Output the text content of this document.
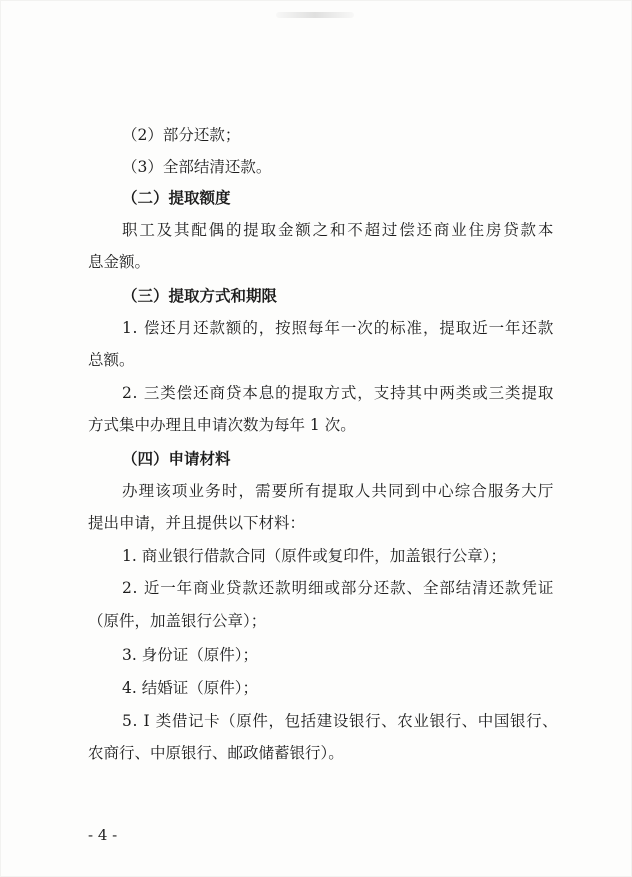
（2）部分还款；
（3）全部结清还款。
（二）提取额度
职工及其配偶的提取金额之和不超过偿还商业住房贷款本
息金额。
（三）提取方式和期限
1. 偿还月还款额的，按照每年一次的标准，提取近一年还款
总额。
2. 三类偿还商贷本息的提取方式，支持其中两类或三类提取
方式集中办理且申请次数为每年 1 次。
（四）申请材料
办理该项业务时，需要所有提取人共同到中心综合服务大厅
提出申请，并且提供以下材料：
1. 商业银行借款合同（原件或复印件，加盖银行公章）；
2. 近一年商业贷款还款明细或部分还款、全部结清还款凭证
（原件，加盖银行公章）；
3. 身份证（原件）；
4. 结婚证（原件）；
5. I 类借记卡（原件，包括建设银行、农业银行、中国银行、
农商行、中原银行、邮政储蓄银行）。
- 4 -
